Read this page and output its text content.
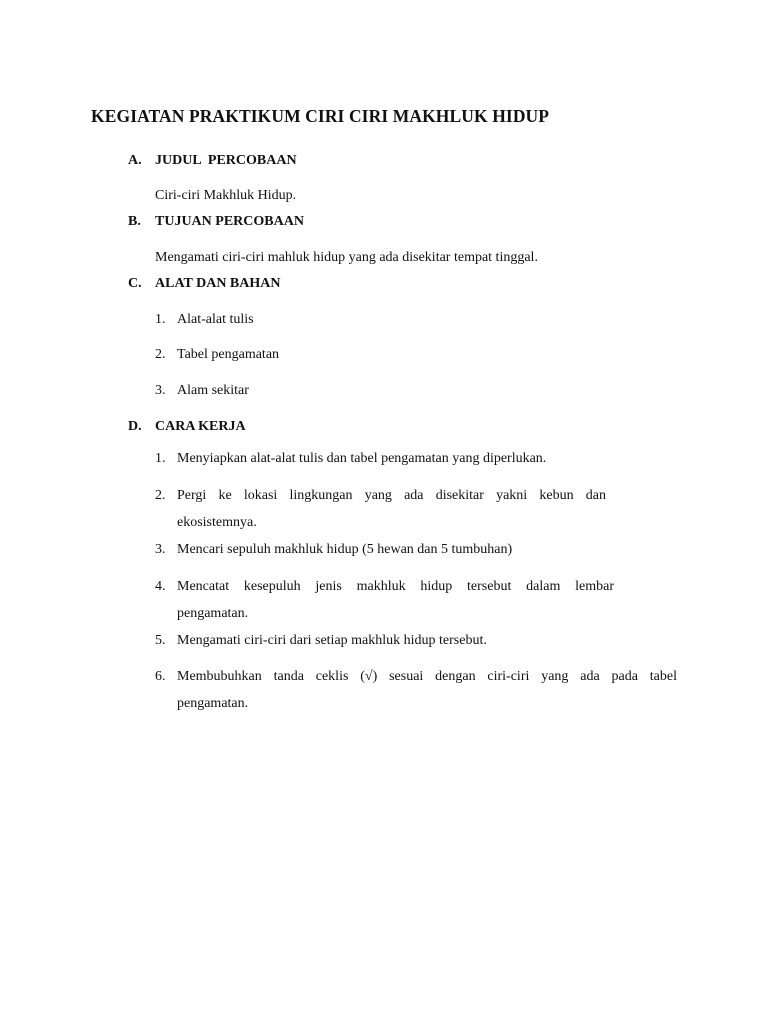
KEGIATAN PRAKTIKUM CIRI CIRI MAKHLUK HIDUP
A. JUDUL  PERCOBAAN
Ciri-ciri Makhluk Hidup.
B. TUJUAN PERCOBAAN
Mengamati ciri-ciri mahluk hidup yang ada disekitar tempat tinggal.
C. ALAT DAN BAHAN
1. Alat-alat tulis
2. Tabel pengamatan
3. Alam sekitar
D. CARA KERJA
1. Menyiapkan alat-alat tulis dan tabel pengamatan yang diperlukan.
2. Pergi ke lokasi lingkungan yang ada disekitar yakni kebun dan
ekosistemnya.
3. Mencari sepuluh makhluk hidup (5 hewan dan 5 tumbuhan)
4. Mencatat kesepuluh jenis makhluk hidup tersebut dalam lembar
pengamatan.
5. Mengamati ciri-ciri dari setiap makhluk hidup tersebut.
6. Membubuhkan tanda ceklis (√) sesuai dengan ciri-ciri yang ada pada tabel
pengamatan.
